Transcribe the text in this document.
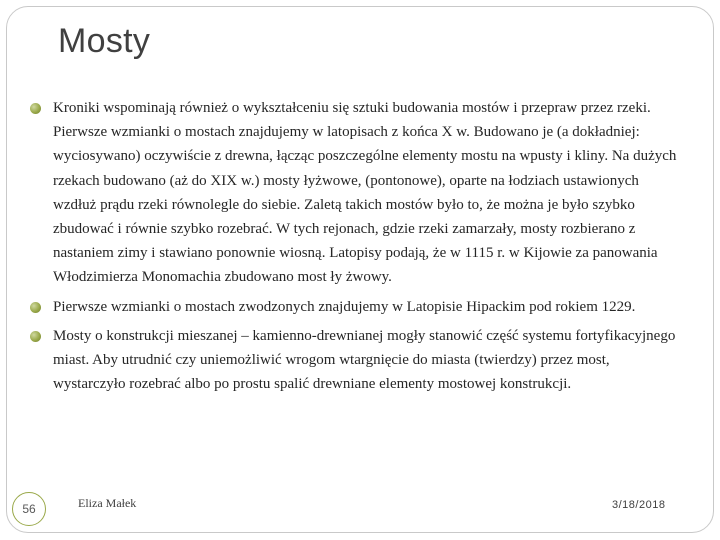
Mosty
Kroniki wspominają również o wykształceniu się sztuki budowania mostów i przepraw przez rzeki. Pierwsze wzmianki o mostach znajdujemy w latopisach z końca X w. Budowano je (a dokładniej: wyciosywano) oczywiście z drewna, łącząc poszczególne elementy mostu na wpusty i kliny. Na dużych rzekach budowano (aż do XIX w.) mosty łyżwowe, (pontonowe), oparte na łodziach ustawionych wzdłuż prądu rzeki równolegle do siebie. Zaletą takich mostów było to, że można je było szybko zbudować i równie szybko rozebrać. W tych rejonach, gdzie rzeki zamarzały, mosty rozbierano z nastaniem zimy i stawiano ponownie wiosną. Latopisy podają, że w 1115 r. w Kijowie za panowania Włodzimierza Monomachia zbudowano most ły żwowy.
Pierwsze wzmianki o mostach zwodzonych znajdujemy w Latopisie Hipackim pod rokiem 1229.
Mosty o konstrukcji mieszanej – kamienno-drewnianej mogły stanowić część systemu fortyfikacyjnego miast. Aby utrudnić czy uniemożliwić wrogom wtargnięcie do miasta (twierdzy) przez most, wystarczyło rozebrać albo po prostu spalić drewniane elementy mostowej konstrukcji.
56	Eliza Małek	3/18/2018
